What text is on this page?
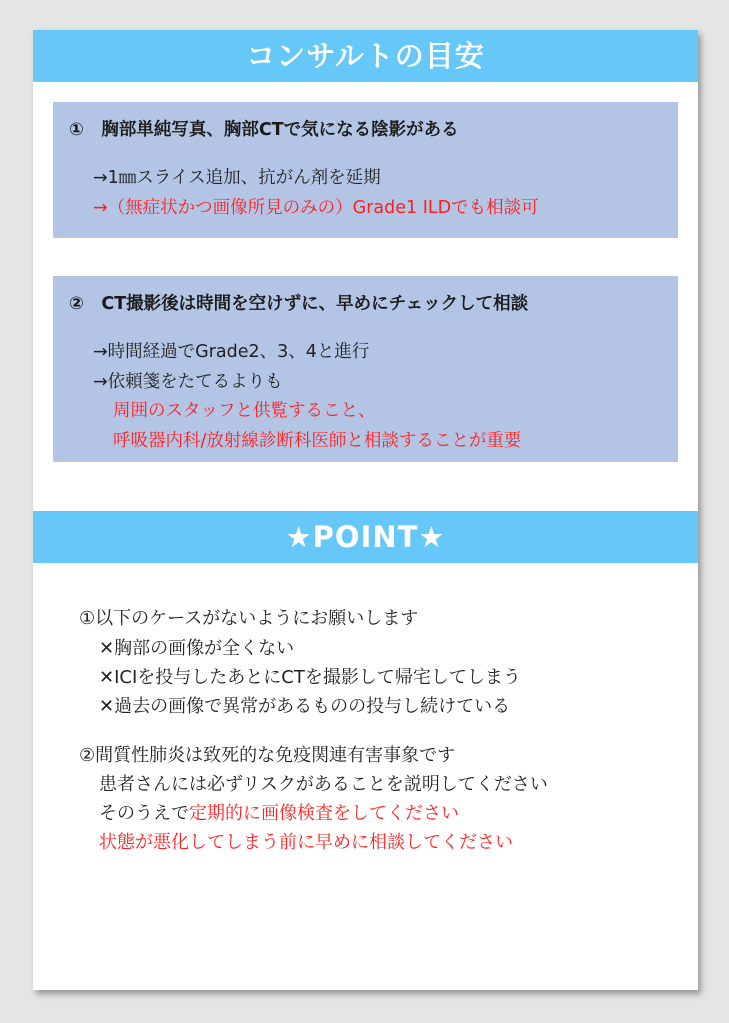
コンサルトの目安
①　胸部単純写真、胸部CTで気になる陰影がある
→1㎜スライス追加、抗がん剤を延期
→（無症状かつ画像所見のみの）Grade1 ILDでも相談可
②　CT撮影後は時間を空けずに、早めにチェックして相談
→時間経過でGrade2、3、4と進行
→依頼箋をたてるよりも
周囲のスタッフと供覧すること、
呼吸器内科/放射線診断科医師と相談することが重要
★POINT★
①以下のケースがないようにお願いします
✕胸部の画像が全くない
✕ICIを投与したあとにCTを撮影して帰宅してしまう
✕過去の画像で異常があるものの投与し続けている
②間質性肺炎は致死的な免疫関連有害事象です
患者さんには必ずリスクがあることを説明してください
そのうえで定期的に画像検査をしてください
状態が悪化してしまう前に早めに相談してください
